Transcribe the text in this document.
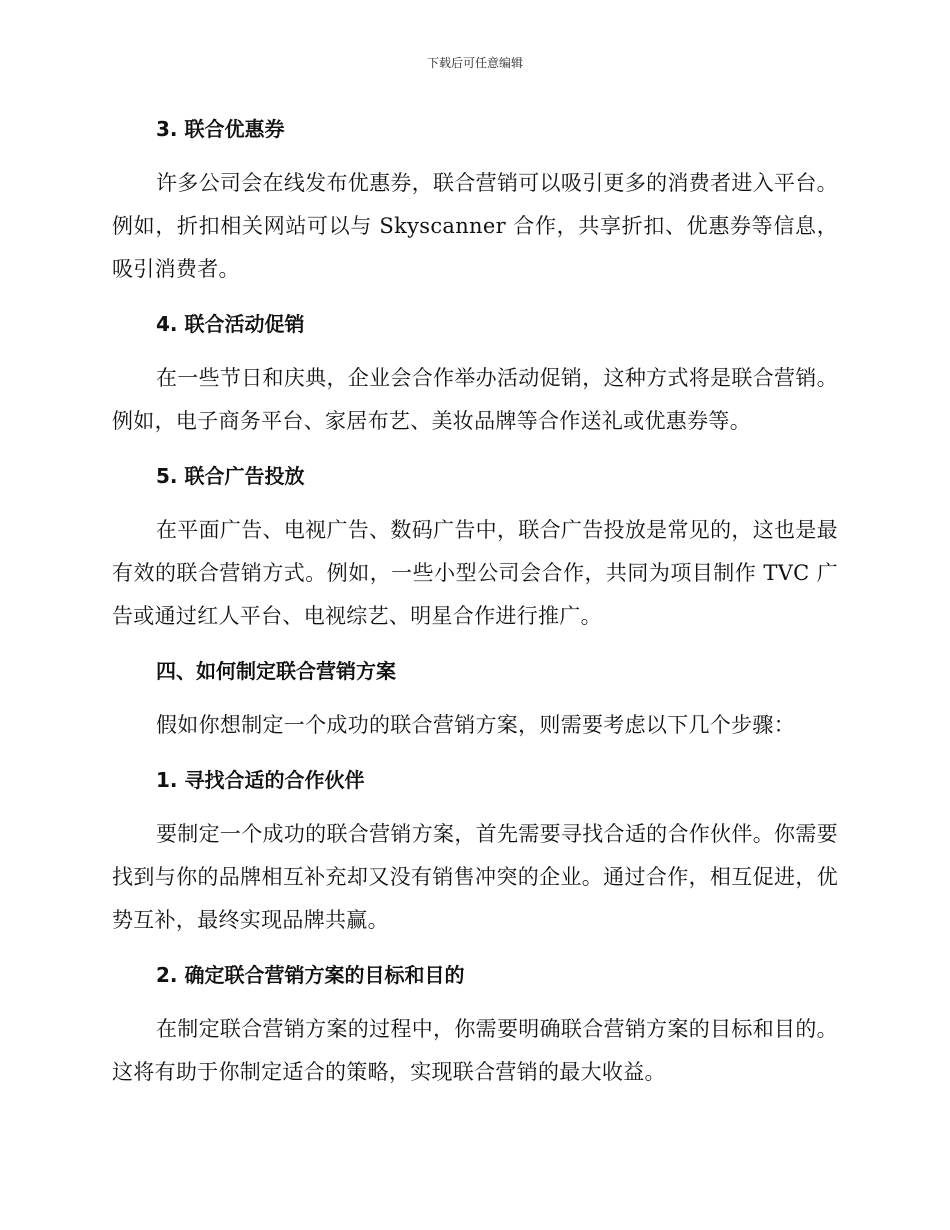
下载后可任意编辑
3. 联合优惠券

许多公司会在线发布优惠券，联合营销可以吸引更多的消费者进入平台。例如，折扣相关网站可以与 Skyscanner 合作，共享折扣、优惠券等信息，吸引消费者。

4. 联合活动促销

在一些节日和庆典，企业会合作举办活动促销，这种方式将是联合营销。例如，电子商务平台、家居布艺、美妆品牌等合作送礼或优惠券等。

5. 联合广告投放

在平面广告、电视广告、数码广告中，联合广告投放是常见的，这也是最有效的联合营销方式。例如，一些小型公司会合作，共同为项目制作 TVC 广告或通过红人平台、电视综艺、明星合作进行推广。

四、如何制定联合营销方案

假如你想制定一个成功的联合营销方案，则需要考虑以下几个步骤：

1. 寻找合适的合作伙伴

要制定一个成功的联合营销方案，首先需要寻找合适的合作伙伴。你需要找到与你的品牌相互补充却又没有销售冲突的企业。通过合作，相互促进，优势互补，最终实现品牌共赢。

2. 确定联合营销方案的目标和目的

在制定联合营销方案的过程中，你需要明确联合营销方案的目标和目的。这将有助于你制定适合的策略，实现联合营销的最大收益。
